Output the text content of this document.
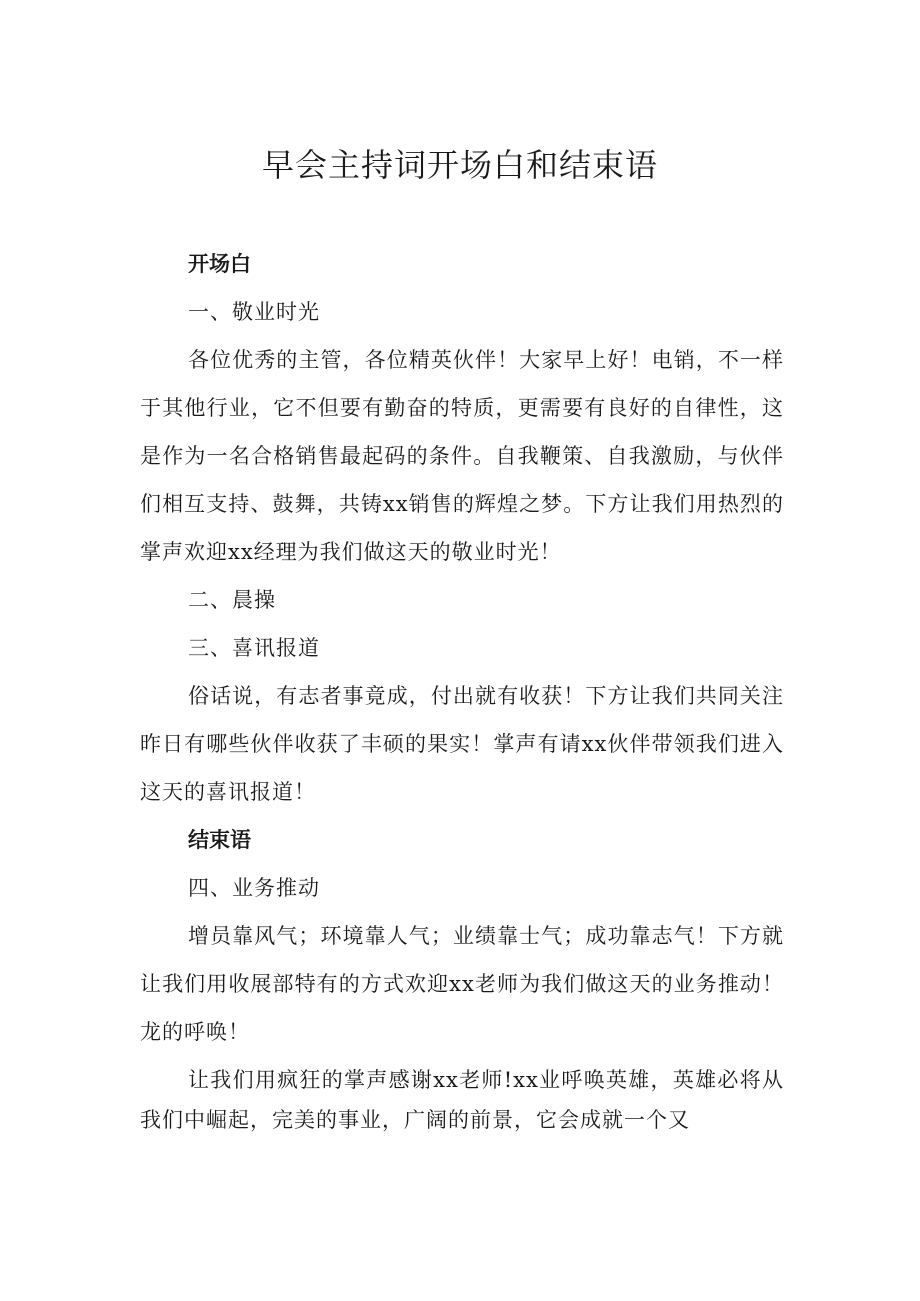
早会主持词开场白和结束语

开场白

一、敬业时光

各位优秀的主管，各位精英伙伴！大家早上好！电销，不一样于其他行业，它不但要有勤奋的特质，更需要有良好的自律性，这是作为一名合格销售最起码的条件。自我鞭策、自我激励，与伙伴们相互支持、鼓舞，共铸xx销售的辉煌之梦。下方让我们用热烈的掌声欢迎xx经理为我们做这天的敬业时光！

二、晨操

三、喜讯报道

俗话说，有志者事竟成，付出就有收获！下方让我们共同关注昨日有哪些伙伴收获了丰硕的果实！掌声有请xx伙伴带领我们进入这天的喜讯报道！

结束语

四、业务推动

增员靠风气；环境靠人气；业绩靠士气；成功靠志气！下方就让我们用收展部特有的方式欢迎xx老师为我们做这天的业务推动！龙的呼唤！

让我们用疯狂的掌声感谢xx老师!xx业呼唤英雄，英雄必将从我们中崛起，完美的事业，广阔的前景，它会成就一个又
